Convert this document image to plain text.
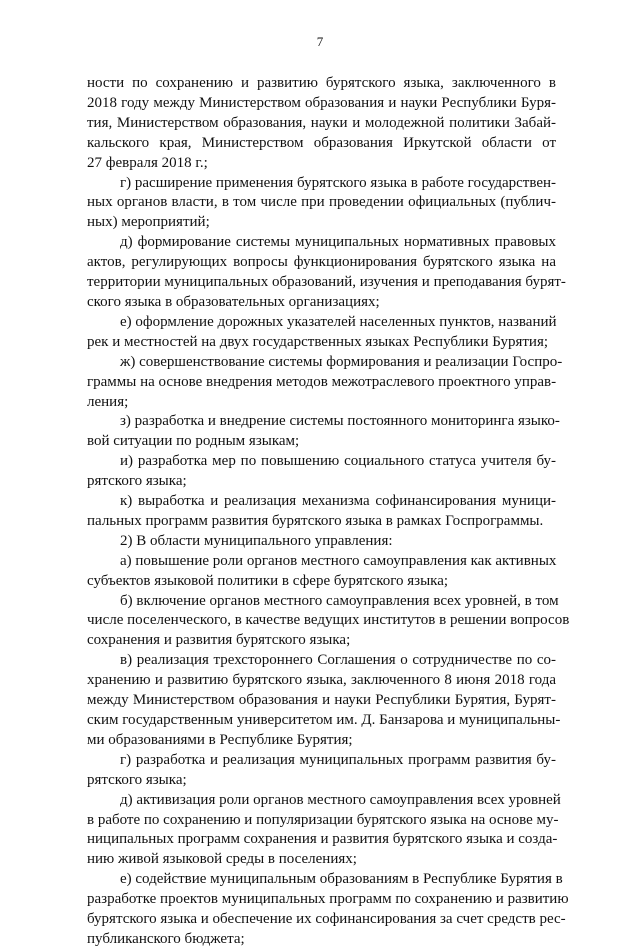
7
ности по сохранению и развитию бурятского языка, заключенного в
2018 году между Министерством образования и науки Республики Буря-
тия, Министерством образования, науки и молодежной политики Забай-
кальского края, Министерством образования Иркутской области от
27 февраля 2018 г.;
г) расширение применения бурятского языка в работе государствен-
ных органов власти, в том числе при проведении официальных (публич-
ных) мероприятий;
д) формирование системы муниципальных нормативных правовых
актов, регулирующих вопросы функционирования бурятского языка на
территории муниципальных образований, изучения и преподавания бурят-
ского языка в образовательных организациях;
е) оформление дорожных указателей населенных пунктов, названий
рек и местностей на двух государственных языках Республики Бурятия;
ж) совершенствование системы формирования и реализации Госпро-
граммы на основе внедрения методов межотраслевого проектного управ-
ления;
з) разработка и внедрение системы постоянного мониторинга языко-
вой ситуации по родным языкам;
и) разработка мер по повышению социального статуса учителя бу-
рятского языка;
к) выработка и реализация механизма софинансирования муници-
пальных программ развития бурятского языка в рамках Госпрограммы.
2) В области муниципального управления:
а) повышение роли органов местного самоуправления как активных
субъектов языковой политики в сфере бурятского языка;
б) включение органов местного самоуправления всех уровней, в том
числе поселенческого, в качестве ведущих институтов в решении вопросов
сохранения и развития бурятского языка;
в) реализация трехстороннего Соглашения о сотрудничестве по со-
хранению и развитию бурятского языка, заключенного 8 июня 2018 года
между Министерством образования и науки Республики Бурятия, Бурят-
ским государственным университетом им. Д. Банзарова и муниципальны-
ми образованиями в Республике Бурятия;
г) разработка и реализация муниципальных программ развития бу-
рятского языка;
д) активизация роли органов местного самоуправления всех уровней
в работе по сохранению и популяризации бурятского языка на основе му-
ниципальных программ сохранения и развития бурятского языка и созда-
нию живой языковой среды в поселениях;
е) содействие муниципальным образованиям в Республике Бурятия в
разработке проектов муниципальных программ по сохранению и развитию
бурятского языка и обеспечение их софинансирования за счет средств рес-
публиканского бюджета;
